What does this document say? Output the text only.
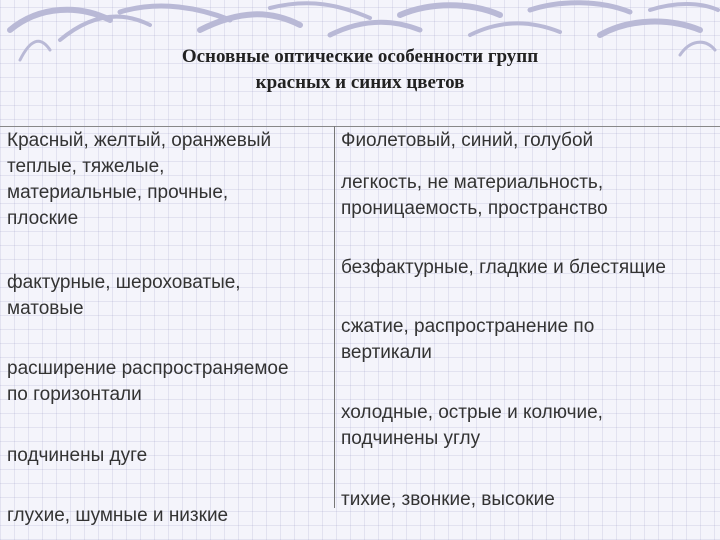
Основные оптические особенности групп
красных и синих цветов
Красный, желтый, оранжевый
теплые, тяжелые,
материальные, прочные,
плоские
фактурные, шероховатые,
матовые
расширение распространяемое
по горизонтали
подчинены дуге
глухие, шумные и низкие
Фиолетовый, синий, голубой
легкость, не материальность,
проницаемость, пространство
безфактурные, гладкие и блестящие
сжатие, распространение по
вертикали
холодные, острые и колючие,
подчинены углу
тихие, звонкие, высокие
